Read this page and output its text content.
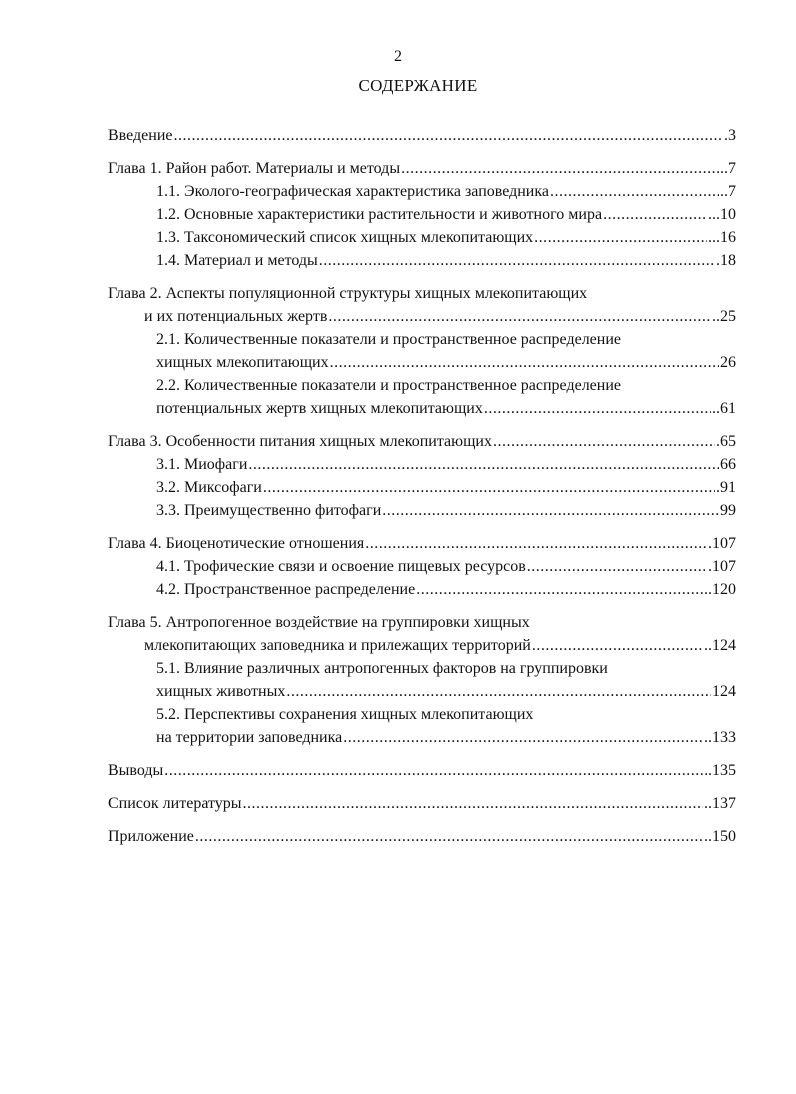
2
СОДЕРЖАНИЕ
Введение .....	.3
Глава 1. Район работ. Материалы и методы .....	..7
1.1. Эколого-географическая характеристика заповедника .....	..7
1.2. Основные характеристики растительности и животного мира .....	...10
1.3. Таксономический список хищных млекопитающих .....	...16
1.4. Материал и методы .....	.18
Глава 2. Аспекты популяционной структуры хищных млекопитающих
и их потенциальных жертв .....	..25
2.1. Количественные показатели и пространственное распределение
хищных млекопитающих .....	26
2.2. Количественные показатели и пространственное распределение
потенциальных жертв хищных млекопитающих .....	..61
Глава 3. Особенности питания хищных млекопитающих .....	.65
3.1. Миофаги .....	66
3.2. Миксофаги .....	.91
3.3. Преимущественно фитофаги .....	99
Глава 4. Биоценотические отношения .....	.107
4.1. Трофические связи и освоение пищевых ресурсов .....	.107
4.2. Пространственное распределение .....	..120
Глава 5. Антропогенное воздействие на группировки хищных
млекопитающих заповедника и прилежащих территорий .....	..124
5.1. Влияние различных антропогенных факторов на группировки
хищных животных .....	124
5.2. Перспективы сохранения хищных млекопитающих
на территории заповедника .....	..133
Выводы .....	.135
Список литературы .....	..137
Приложение .....	..150
